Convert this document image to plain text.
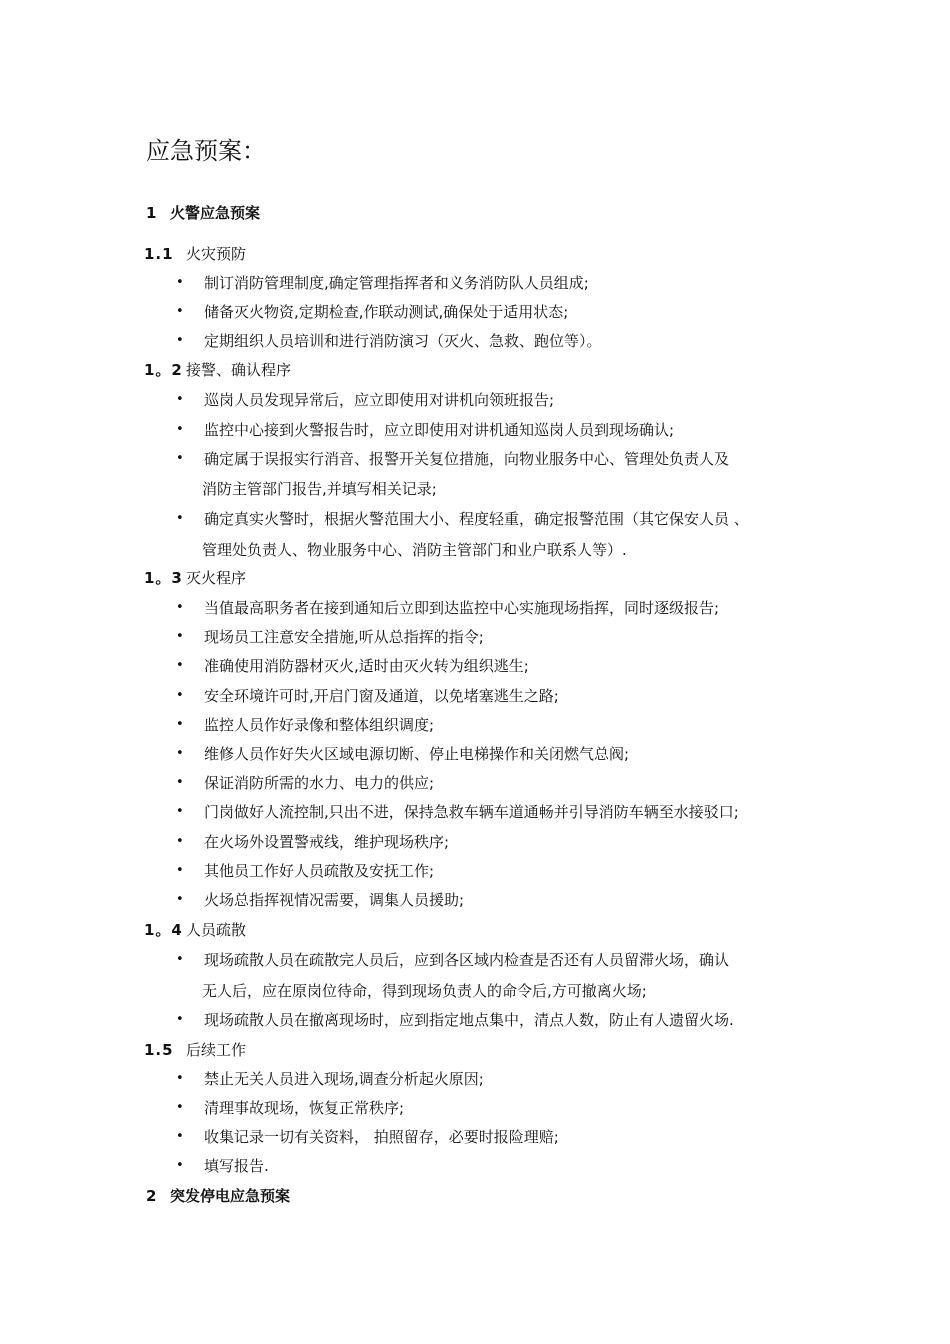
应急预案：
1 火警应急预案
1.1 火灾预防
•	制订消防管理制度,确定管理指挥者和义务消防队人员组成;
•	储备灭火物资,定期检查,作联动测试,确保处于适用状态;
•	定期组织人员培训和进行消防演习（灭火、急救、跑位等）。
1。2 接警、确认程序
•	巡岗人员发现异常后，应立即使用对讲机向领班报告;
•	监控中心接到火警报告时，应立即使用对讲机通知巡岗人员到现场确认;
•	确定属于误报实行消音、报警开关复位措施，向物业服务中心、管理处负责人及
消防主管部门报告,并填写相关记录;
•	确定真实火警时，根据火警范围大小、程度轻重，确定报警范围（其它保安人员 、
管理处负责人、物业服务中心、消防主管部门和业户联系人等）.
1。3 灭火程序
•	当值最高职务者在接到通知后立即到达监控中心实施现场指挥，同时逐级报告;
•	现场员工注意安全措施,听从总指挥的指令;
•	准确使用消防器材灭火,适时由灭火转为组织逃生;
•	安全环境许可时,开启门窗及通道，以免堵塞逃生之路;
•	监控人员作好录像和整体组织调度;
•	维修人员作好失火区域电源切断、停止电梯操作和关闭燃气总阀;
•	保证消防所需的水力、电力的供应;
•	门岗做好人流控制,只出不进，保持急救车辆车道通畅并引导消防车辆至水接驳口;
•	在火场外设置警戒线，维护现场秩序;
•	其他员工作好人员疏散及安抚工作;
•	火场总指挥视情况需要，调集人员援助;
1。4 人员疏散
•	现场疏散人员在疏散完人员后，应到各区域内检查是否还有人员留滞火场，确认
无人后，应在原岗位待命，得到现场负责人的命令后,方可撤离火场;
•	现场疏散人员在撤离现场时，应到指定地点集中，清点人数，防止有人遗留火场.
1.5 后续工作
•	禁止无关人员进入现场,调查分析起火原因;
•	清理事故现场，恢复正常秩序;
•	收集记录一切有关资料， 拍照留存，必要时报险理赔;
•	填写报告.
2 突发停电应急预案
